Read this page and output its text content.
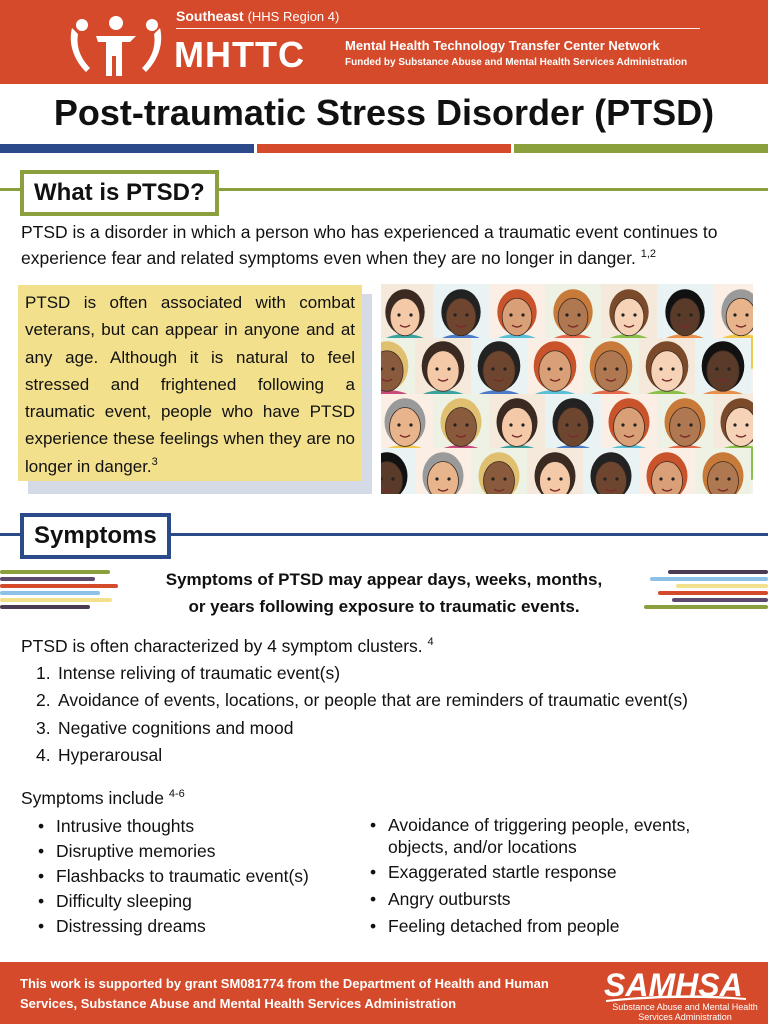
Southeast (HHS Region 4)
MHTTC	Mental Health Technology Transfer Center Network
Funded by Substance Abuse and Mental Health Services Administration
Post-traumatic Stress Disorder (PTSD)
What is PTSD?

PTSD is a disorder in which a person who has experienced a traumatic event continues to experience fear and related symptoms even when they are no longer in danger. $^{1,2}$

PTSD is often associated with combat veterans, but can appear in anyone and at any age. Although it is natural to feel stressed and frightened following a traumatic event, people who have PTSD experience these feelings when they are no longer in danger.$^3$
Symptoms
Symptoms of PTSD may appear days, weeks, months,
or years following exposure to traumatic events.

PTSD is often characterized by 4 symptom clusters. $^4$

1. Intense reliving of traumatic event(s)
2. Avoidance of events, locations, or people that are reminders of traumatic event(s)
3. Negative cognitions and mood
4. Hyperarousal

Symptoms include $^{4-6}$

• Intrusive thoughts
• Disruptive memories
• Flashbacks to traumatic event(s)
• Difficulty sleeping
• Distressing dreams
• Avoidance of triggering people, events, objects, and/or locations
• Exaggerated startle response
• Angry outbursts
• Feeling detached from people
This work is supported by grant SM081774 from the Department of Health and Human Services, Substance Abuse and Mental Health Services Administration
SAMHSA
Substance Abuse and Mental Health Services Administration
